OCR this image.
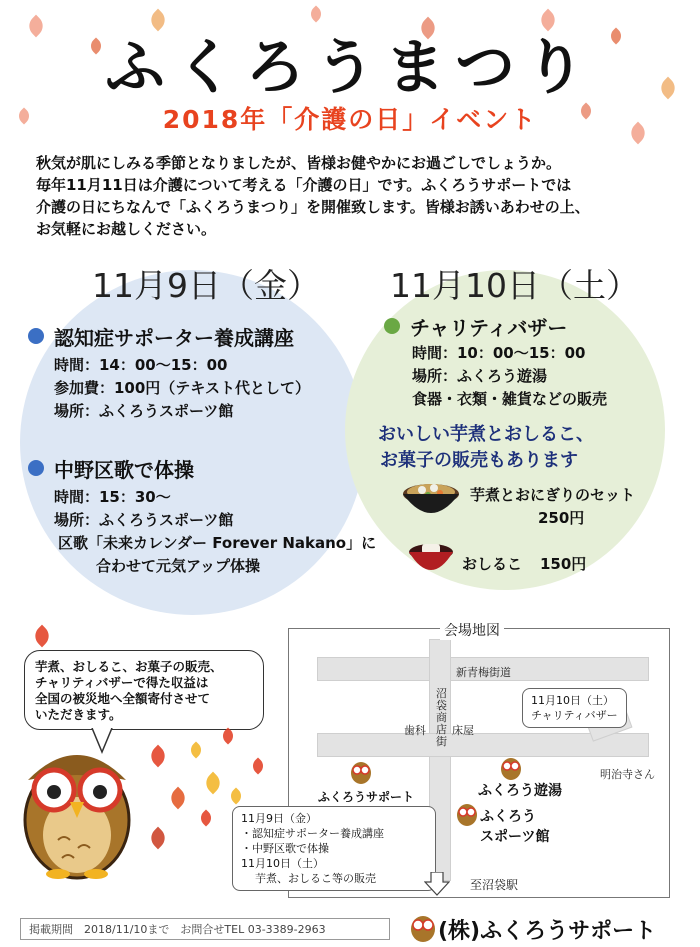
ふくろうまつり
2018年「介護の日」イベント
秋気が肌にしみる季節となりましたが、皆様お健やかにお過ごしでしょうか。
毎年11月11日は介護について考える「介護の日」です。ふくろうサポートでは
介護の日にちなんで「ふくろうまつり」を開催致します。皆様お誘いあわせの上、
お気軽にお越しください。
11月9日（金）
認知症サポーター養成講座
時間：14：00～15：00
参加費：100円（テキスト代として）
場所：ふくろうスポーツ館
中野区歌で体操
時間：15：30～
場所：ふくろうスポーツ館
区歌「未来カレンダー Forever Nakano」に
合わせて元気アップ体操
11月10日（土）
チャリティバザー
時間：10：00～15：00
場所：ふくろう遊湯
食器・衣類・雑貨などの販売
おいしい芋煮とおしるこ、
お菓子の販売もあります
芋煮とおにぎりのセット
250円
おしるこ 150円
芋煮、おしるこ、お菓子の販売、
チャリティバザーで得た収益は
全国の被災地へ全額寄付させて
いただきます。
会場地図
新青梅街道
沼袋商店街
歯科 床屋
明治寺さん
11月10日（土）
チャリティバザー
ふくろうサポート	ふくろう遊湯
ふくろう
スポーツ館
11月9日（金）
・認知症サポーター養成講座
・中野区歌で体操
11月10日（土）
芋煮、おしるこ等の販売	至沼袋駅
掲載期間　2018/11/10まで　お問合せTEL 03-3389-2963	(株)ふくろうサポート
